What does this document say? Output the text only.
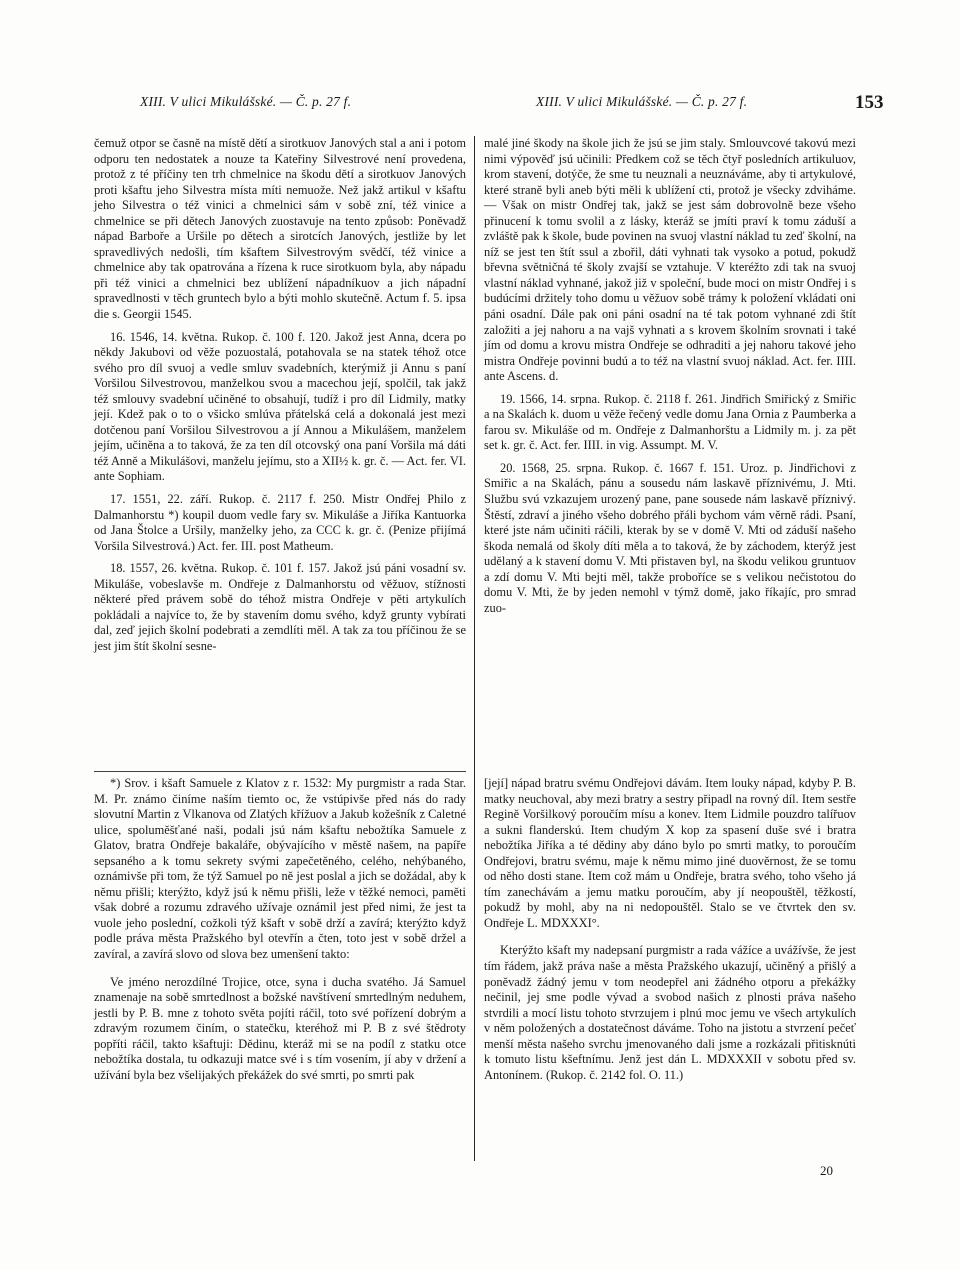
XIII. V ulici Mikulášské. — Č. p. 27 f.	XIII. V ulici Mikulášské. — Č. p. 27 f.	153

čemuž otpor se časně na místě dětí a sirotkuov Janových stal a ani i potom odporu ten nedostatek a nouze ta Kateřiny Silvestrové není provedena, protož z té příčiny ten trh chmelnice na škodu dětí a sirotkuov Janových proti kšaftu jeho Silvestra místa míti nemuože. Než jakž artikul v kšaftu jeho Silvestra o též vinici a chmelnici sám v sobě zní, též vinice a chmelnice se při dětech Janových zuostavuje na tento způsob: Poněvadž nápad Barboře a Uršile po dětech a sirotcích Janových, jestliže by let spravedlivých nedošli, tím kšaftem Silvestrovým svědčí, též vinice a chmelnice aby tak opatrována a řízena k ruce sirotkuom byla, aby nápadu při též vinici a chmelnici bez ublížení nápadníkuov a jich nápadní spravedlnosti v těch gruntech bylo a býti mohlo skutečně. Actum f. 5. ipsa die s. Georgii 1545.

16. 1546, 14. května. Rukop. č. 100 f. 120. Jakož jest Anna, dcera po někdy Jakubovi od věže pozuostalá, potahovala se na statek téhož otce svého pro díl svuoj a vedle smluv svadebních, kterýmiž ji Annu s paní Voršilou Silvestrovou, manželkou svou a macechou její, spolčil, tak jakž též smlouvy svadební učiněné to obsahují, tudíž i pro díl Lidmily, matky její. Kdež pak o to o všicko smlúva přátelská celá a dokonalá jest mezi dotčenou paní Voršilou Silvestrovou a jí Annou a Mikulášem, manželem jejím, učiněna a to taková, že za ten díl otcovský ona paní Voršila má dáti též Anně a Mikulášovi, manželu jejímu, sto a XII½ k. gr. č. — Act. fer. VI. ante Sophiam.

17. 1551, 22. září. Rukop. č. 2117 f. 250. Mistr Ondřej Philo z Dalmanhorstu *) koupil duom vedle fary sv. Mikuláše a Jiříka Kantuorka od Jana Štolce a Uršily, manželky jeho, za CCC k. gr. č. (Penize přijímá Voršila Silvestrová.) Act. fer. III. post Matheum.

18. 1557, 26. května. Rukop. č. 101 f. 157. Jakož jsú páni vosadní sv. Mikuláše, vobeslavše m. Ondřeje z Dalmanhorstu od věžuov, stížnosti některé před právem sobě do téhož mistra Ondřeje v pěti artykulích pokládali a najvíce to, že by stavením domu svého, když grunty vybírati dal, zeď jejich školní podebrati a zemdlíti měl. A tak za tou příčinou že se jest jim štít školní sesne-

malé jiné škody na škole jich že jsú se jim staly. Smlouvcové takovú mezi nimi výpověď jsú učinili: Předkem což se těch čtyř posledních artikuluov, krom stavení, dotýče, že sme tu neuznali a neuznáváme, aby ti artykulové, které straně byli aneb býti měli k ublížení cti, protož je všecky zdviháme. — Však on mistr Ondřej tak, jakž se jest sám dobrovolně beze všeho přinucení k tomu svolil a z lásky, kteráž se jmíti praví k tomu záduší a zvláště pak k škole, bude povinen na svuoj vlastní náklad tu zeď školní, na níž se jest ten štít ssul a zbořil, dáti vyhnati tak vysoko a potud, pokudž břevna světničná té školy zvajší se vztahuje. V kteréžto zdi tak na svuoj vlastní náklad vyhnané, jakož již v společní, bude moci on mistr Ondřej i s budúcími držitely toho domu u věžuov sobě trámy k položení vkládati oni páni osadní. Dále pak oni páni osadní na té tak potom vyhnané zdi štít založiti a jej nahoru a na vajš vyhnati a s krovem školním srovnati i také jím od domu a krovu mistra Ondřeje se odhraditi a jej nahoru takové jeho mistra Ondřeje povinni budú a to též na vlastní svuoj náklad. Act. fer. IIII. ante Ascens. d.

19. 1566, 14. srpna. Rukop. č. 2118 f. 261. Jindřich Smiřický z Smiřic a na Skalách k. duom u věže řečený vedle domu Jana Ornia z Paumberka a farou sv. Mikuláše od m. Ondřeje z Dalmanhorštu a Lidmily m. j. za pět set k. gr. č. Act. fer. IIII. in vig. Assumpt. M. V.

20. 1568, 25. srpna. Rukop. č. 1667 f. 151. Uroz. p. Jindřichovi z Smiřic a na Skalách, pánu a sousedu nám laskavě příznivému, J. Mti. Službu svú vzkazujem urozený pane, pane sousede nám laskavě příznivý. Štěstí, zdraví a jiného všeho dobrého přáli bychom vám věrně rádi. Psaní, které jste nám učiniti ráčili, kterak by se v domě V. Mti od záduší našeho škoda nemalá od školy díti měla a to taková, že by záchodem, kterýž jest udělaný a k stavení domu V. Mti přistaven byl, na škodu velikou gruntuov a zdí domu V. Mti bejti měl, takže proboříce se s velikou nečistotou do domu V. Mti, že by jeden nemohl v týmž domě, jako říkajíc, pro smrad zuo-

*) Srov. i kšaft Samuele z Klatov z r. 1532: My purgmistr a rada Star. M. Pr. známo činíme naším tiemto oc, že vstúpivše před nás do rady slovutní Martin z Vlkanova od Zlatých křížuov a Jakub kožešník z Caletné ulice, spoluměšťané naši, podali jsú nám kšaftu nebožtíka Samuele z Glatov, bratra Ondřeje bakaláře, obývajícího v městě našem, na papíře sepsaného a k tomu sekrety svými zapečetěného, celého, nehýbaného, oznámivše při tom, že týž Samuel po ně jest poslal a jich se dožádal, aby k němu přišli; kterýžto, když jsú k němu přišli, leže v těžké nemoci, paměti však dobré a rozumu zdravého užívaje oznámil jest před nimi, že jest ta vuole jeho poslední, cožkoli týž kšaft v sobě drží a zavírá; kterýžto když podle práva města Pražského byl otevřín a čten, toto jest v sobě držel a zavíral, a zavírá slovo od slova bez umenšení takto:

Ve jméno nerozdílné Trojice, otce, syna i ducha svatého. Já Samuel znamenaje na sobě smrtedlnost a božské navštívení smrtedlným neduhem, jestli by P. B. mne z tohoto světa pojíti ráčil, toto své pořízení dobrým a zdravým rozumem činím, o statečku, kteréhož mi P. B z své štědroty popříti ráčil, takto kšaftuji: Dědinu, kteráž mi se na podíl z statku otce nebožtíka dostala, tu odkazuji matce své i s tím vosením, jí aby v držení a užívání byla bez všelijakých překážek do své smrti, po smrti pak

[její] nápad bratru svému Ondřejovi dávám. Item louky nápad, kdyby P. B. matky neuchoval, aby mezi bratry a sestry připadl na rovný díl. Item sestře Regině Voršilkový poroučím mísu a konev. Item Lidmile pouzdro talířuov a sukni flanderskú. Item chudým X kop za spasení duše své i bratra nebožtíka Jiříka a té dědiny aby dáno bylo po smrti matky, to poroučím Ondřejovi, bratru svému, maje k němu mimo jiné duověrnost, že se tomu od něho dosti stane. Item což mám u Ondřeje, bratra svého, toho všeho já tím zanechávám a jemu matku poroučím, aby jí neopouštěl, těžkostí, pokudž by mohl, aby na ni nedopouštěl. Stalo se ve čtvrtek den sv. Ondřeje L. MDXXXI°.

Kterýžto kšaft my nadepsaní purgmistr a rada vážíce a uvážívše, že jest tím řádem, jakž práva naše a města Pražského ukazují, učiněný a přišlý a poněvadž žádný jemu v tom neodepřel ani žádného otporu a překážky nečinil, jej sme podle vývad a svobod našich z plnosti práva našeho stvrdili a mocí listu tohoto stvrzujem i plnú moc jemu ve všech artykulích v něm položených a dostatečnost dáváme. Toho na jistotu a stvrzení pečeť menší města našeho svrchu jmenovaného dali jsme a rozkázali přitisknúti k tomuto listu kšeftnímu. Jenž jest dán L. MDXXXII v sobotu před sv. Antonínem. (Rukop. č. 2142 fol. O. 11.)

20
